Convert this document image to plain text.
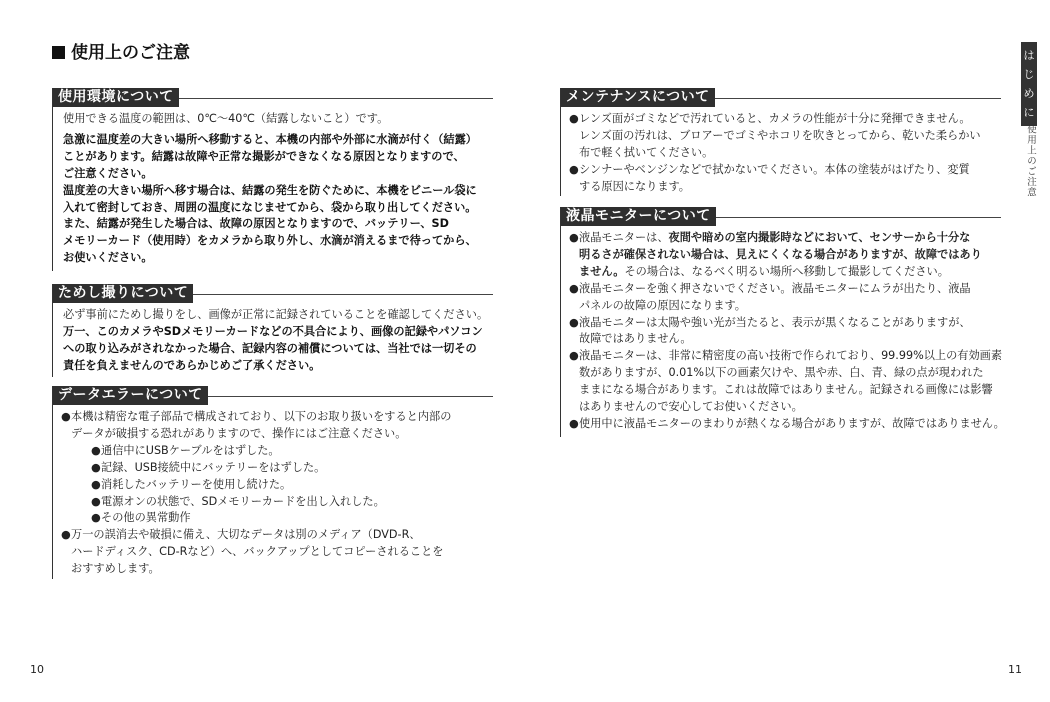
使用上のご注意
使用環境について
使用できる温度の範囲は、0℃〜40℃（結露しないこと）です。
急激に温度差の大きい場所へ移動すると、本機の内部や外部に水滴が付く（結露）
ことがあります。結露は故障や正常な撮影ができなくなる原因となりますので、
ご注意ください。
温度差の大きい場所へ移す場合は、結露の発生を防ぐために、本機をビニール袋に
入れて密封しておき、周囲の温度になじませてから、袋から取り出してください。
また、結露が発生した場合は、故障の原因となりますので、バッテリー、SD
メモリーカード（使用時）をカメラから取り外し、水滴が消えるまで待ってから、
お使いください。
ためし撮りについて
必ず事前にためし撮りをし、画像が正常に記録されていることを確認してください。
万一、このカメラやSDメモリーカードなどの不具合により、画像の記録やパソコン
への取り込みがされなかった場合、記録内容の補償については、当社では一切その
責任を負えませんのであらかじめご了承ください。
データエラーについて
● 本機は精密な電子部品で構成されており、以下のお取り扱いをすると内部の
データが破損する恐れがありますので、操作にはご注意ください。
● 通信中にUSBケーブルをはずした。
● 記録、USB接続中にバッテリーをはずした。
● 消耗したバッテリーを使用し続けた。
● 電源オンの状態で、SDメモリーカードを出し入れした。
● その他の異常動作
● 万一の誤消去や破損に備え、大切なデータは別のメディア（DVD-R、
ハードディスク、CD-Rなど）へ、バックアップとしてコピーされることを
おすすめします。
メンテナンスについて
● レンズ面がゴミなどで汚れていると、カメラの性能が十分に発揮できません。
レンズ面の汚れは、ブロアーでゴミやホコリを吹きとってから、乾いた柔らかい
布で軽く拭いてください。
● シンナーやベンジンなどで拭かないでください。本体の塗装がはげたり、変質
する原因になります。
液晶モニターについて
● 液晶モニターは、夜間や暗めの室内撮影時などにおいて、センサーから十分な
明るさが確保されない場合は、見えにくくなる場合がありますが、故障ではあり
ません。その場合は、なるべく明るい場所へ移動して撮影してください。
● 液晶モニターを強く押さないでください。液晶モニターにムラが出たり、液晶
パネルの故障の原因になります。
● 液晶モニターは太陽や強い光が当たると、表示が黒くなることがありますが、
故障ではありません。
● 液晶モニターは、非常に精密度の高い技術で作られており、99.99%以上の有効画素
数がありますが、0.01%以下の画素欠けや、黒や赤、白、青、緑の点が現われた
ままになる場合があります。これは故障ではありません。記録される画像には影響
はありませんので安心してお使いください。
● 使用中に液晶モニターのまわりが熱くなる場合がありますが、故障ではありません。
は
じ
め
に
使用上のご注意
10	11
